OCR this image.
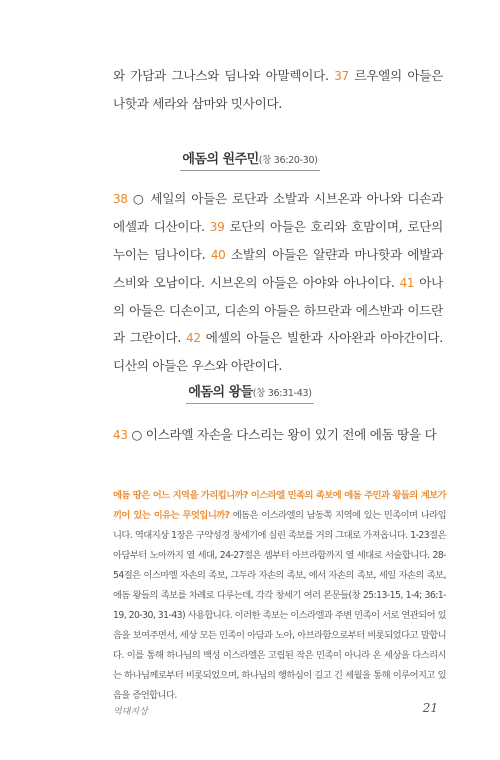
와 가담과 그나스와 딤나와 아말렉이다. 37 르우엘의 아들은 나핫과 세라와 삼마와 밋사이다.

에돔의 원주민(창 36:20-30)

38 ○ 세일의 아들은 로단과 소발과 시브온과 아나와 디손과 에셀과 디산이다. 39 로단의 아들은 호리와 호맘이며, 로단의 누이는 딤나이다. 40 소발의 아들은 알랸과 마나핫과 에발과 스비와 오남이다. 시브온의 아들은 아야와 아나이다. 41 아나의 아들은 디손이고, 디손의 아들은 하므란과 에스반과 이드란과 그란이다. 42 에셀의 아들은 빌한과 사아완과 아아간이다. 디산의 아들은 우스와 아란이다.

에돔의 왕들(창 36:31-43)

43 ○ 이스라엘 자손을 다스리는 왕이 있기 전에 에돔 땅을 다

에돔 땅은 어느 지역을 가리킵니까? 이스라엘 민족의 족보에 에돔 주민과 왕들의 계보가 끼어 있는 이유는 무엇입니까? 에돔은 이스라엘의 남동쪽 지역에 있는 민족이며 나라입니다. 역대지상 1장은 구약성경 창세기에 실린 족보를 거의 그대로 가져옵니다. 1-23절은 아담부터 노아까지 열 세대, 24-27절은 셈부터 아브라함까지 열 세대로 서술합니다. 28-54절은 이스마엘 자손의 족보, 그두라 자손의 족보, 에서 자손의 족보, 세일 자손의 족보, 에돔 왕들의 족보를 차례로 다루는데, 각각 창세기 여러 본문들(창 25:13-15, 1-4; 36:1-19, 20-30, 31-43) 사용합니다. 이러한 족보는 이스라엘과 주변 민족이 서로 연관되어 있음을 보여주면서, 세상 모든 민족이 아담과 노아, 아브라함으로부터 비롯되었다고 말합니다. 이를 통해 하나님의 백성 이스라엘은 고립된 작은 민족이 아니라 온 세상을 다스리시는 하나님께로부터 비롯되었으며, 하나님의 행하심이 길고 긴 세월을 통해 이루어지고 있음을 증언합니다.

역대지상	21
